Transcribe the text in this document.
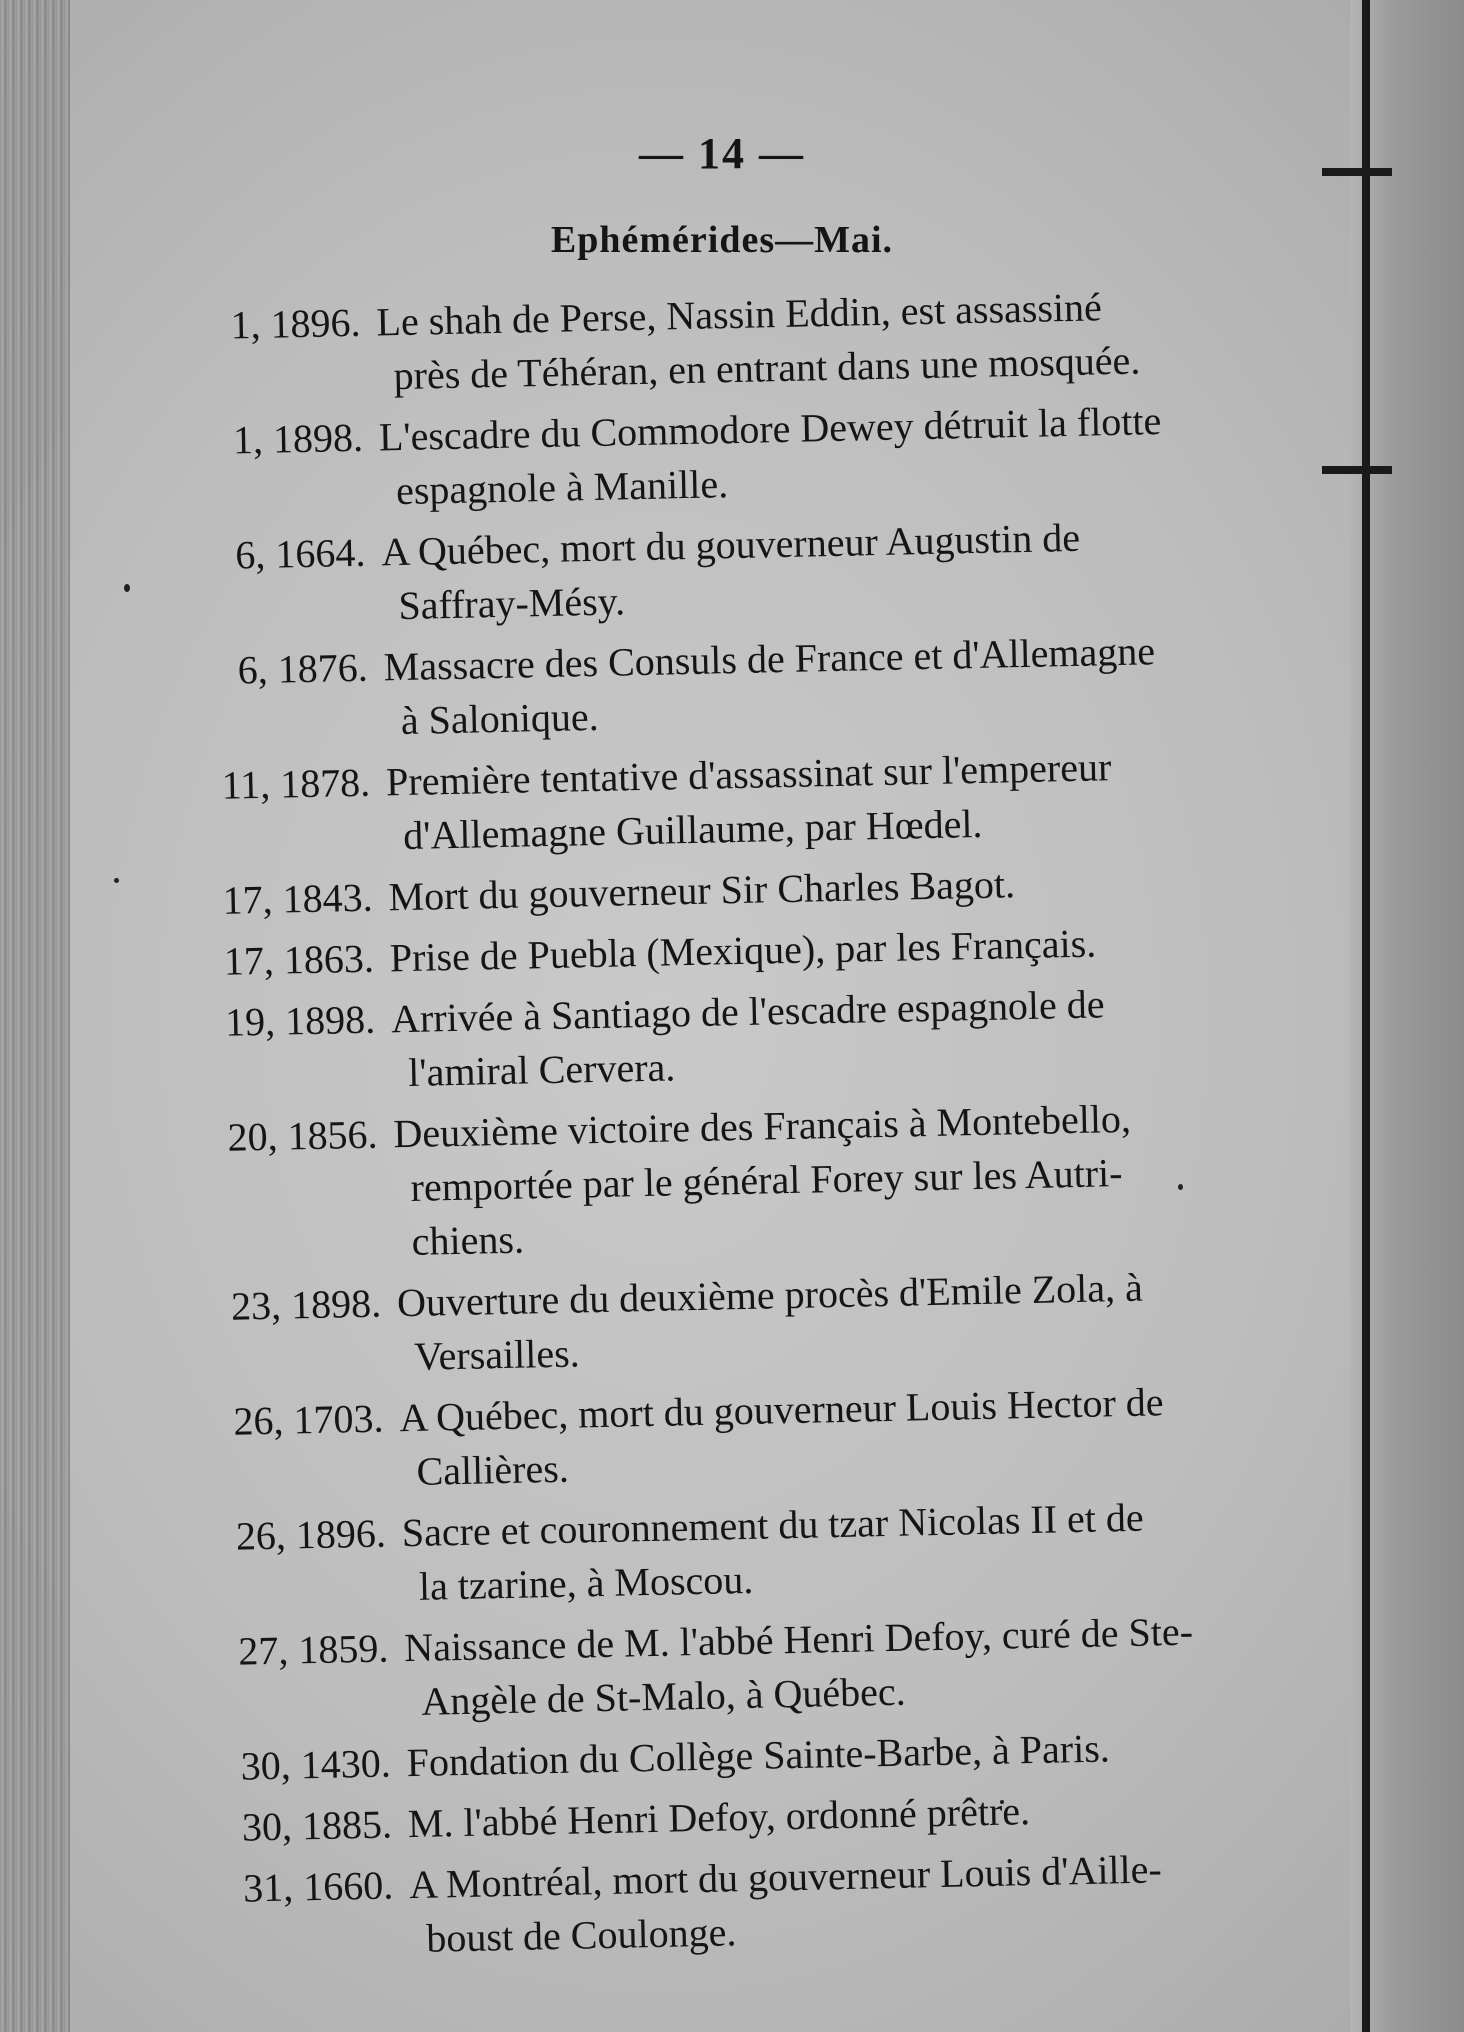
— 14 —
Ephémérides—Mai.
1, 1896. Le shah de Perse, Nassin Eddin, est assassiné
près de Téhéran, en entrant dans une mosquée.
1, 1898. L'escadre du Commodore Dewey détruit la flotte
espagnole à Manille.
6, 1664. A Québec, mort du gouverneur Augustin de
Saffray-Mésy.
6, 1876. Massacre des Consuls de France et d'Allemagne
à Salonique.
11, 1878. Première tentative d'assassinat sur l'empereur
d'Allemagne Guillaume, par Hœdel.
17, 1843. Mort du gouverneur Sir Charles Bagot.
17, 1863. Prise de Puebla (Mexique), par les Français.
19, 1898. Arrivée à Santiago de l'escadre espagnole de
l'amiral Cervera.
20, 1856. Deuxième victoire des Français à Montebello,
remportée par le général Forey sur les Autri-
chiens.
23, 1898. Ouverture du deuxième procès d'Emile Zola, à
Versailles.
26, 1703. A Québec, mort du gouverneur Louis Hector de
Callières.
26, 1896. Sacre et couronnement du tzar Nicolas II et de
la tzarine, à Moscou.
27, 1859. Naissance de M. l'abbé Henri Defoy, curé de Ste-
Angèle de St-Malo, à Québec.
30, 1430. Fondation du Collège Sainte-Barbe, à Paris.
30, 1885. M. l'abbé Henri Defoy, ordonné prêtre.
31, 1660. A Montréal, mort du gouverneur Louis d'Aille-
boust de Coulonge.
